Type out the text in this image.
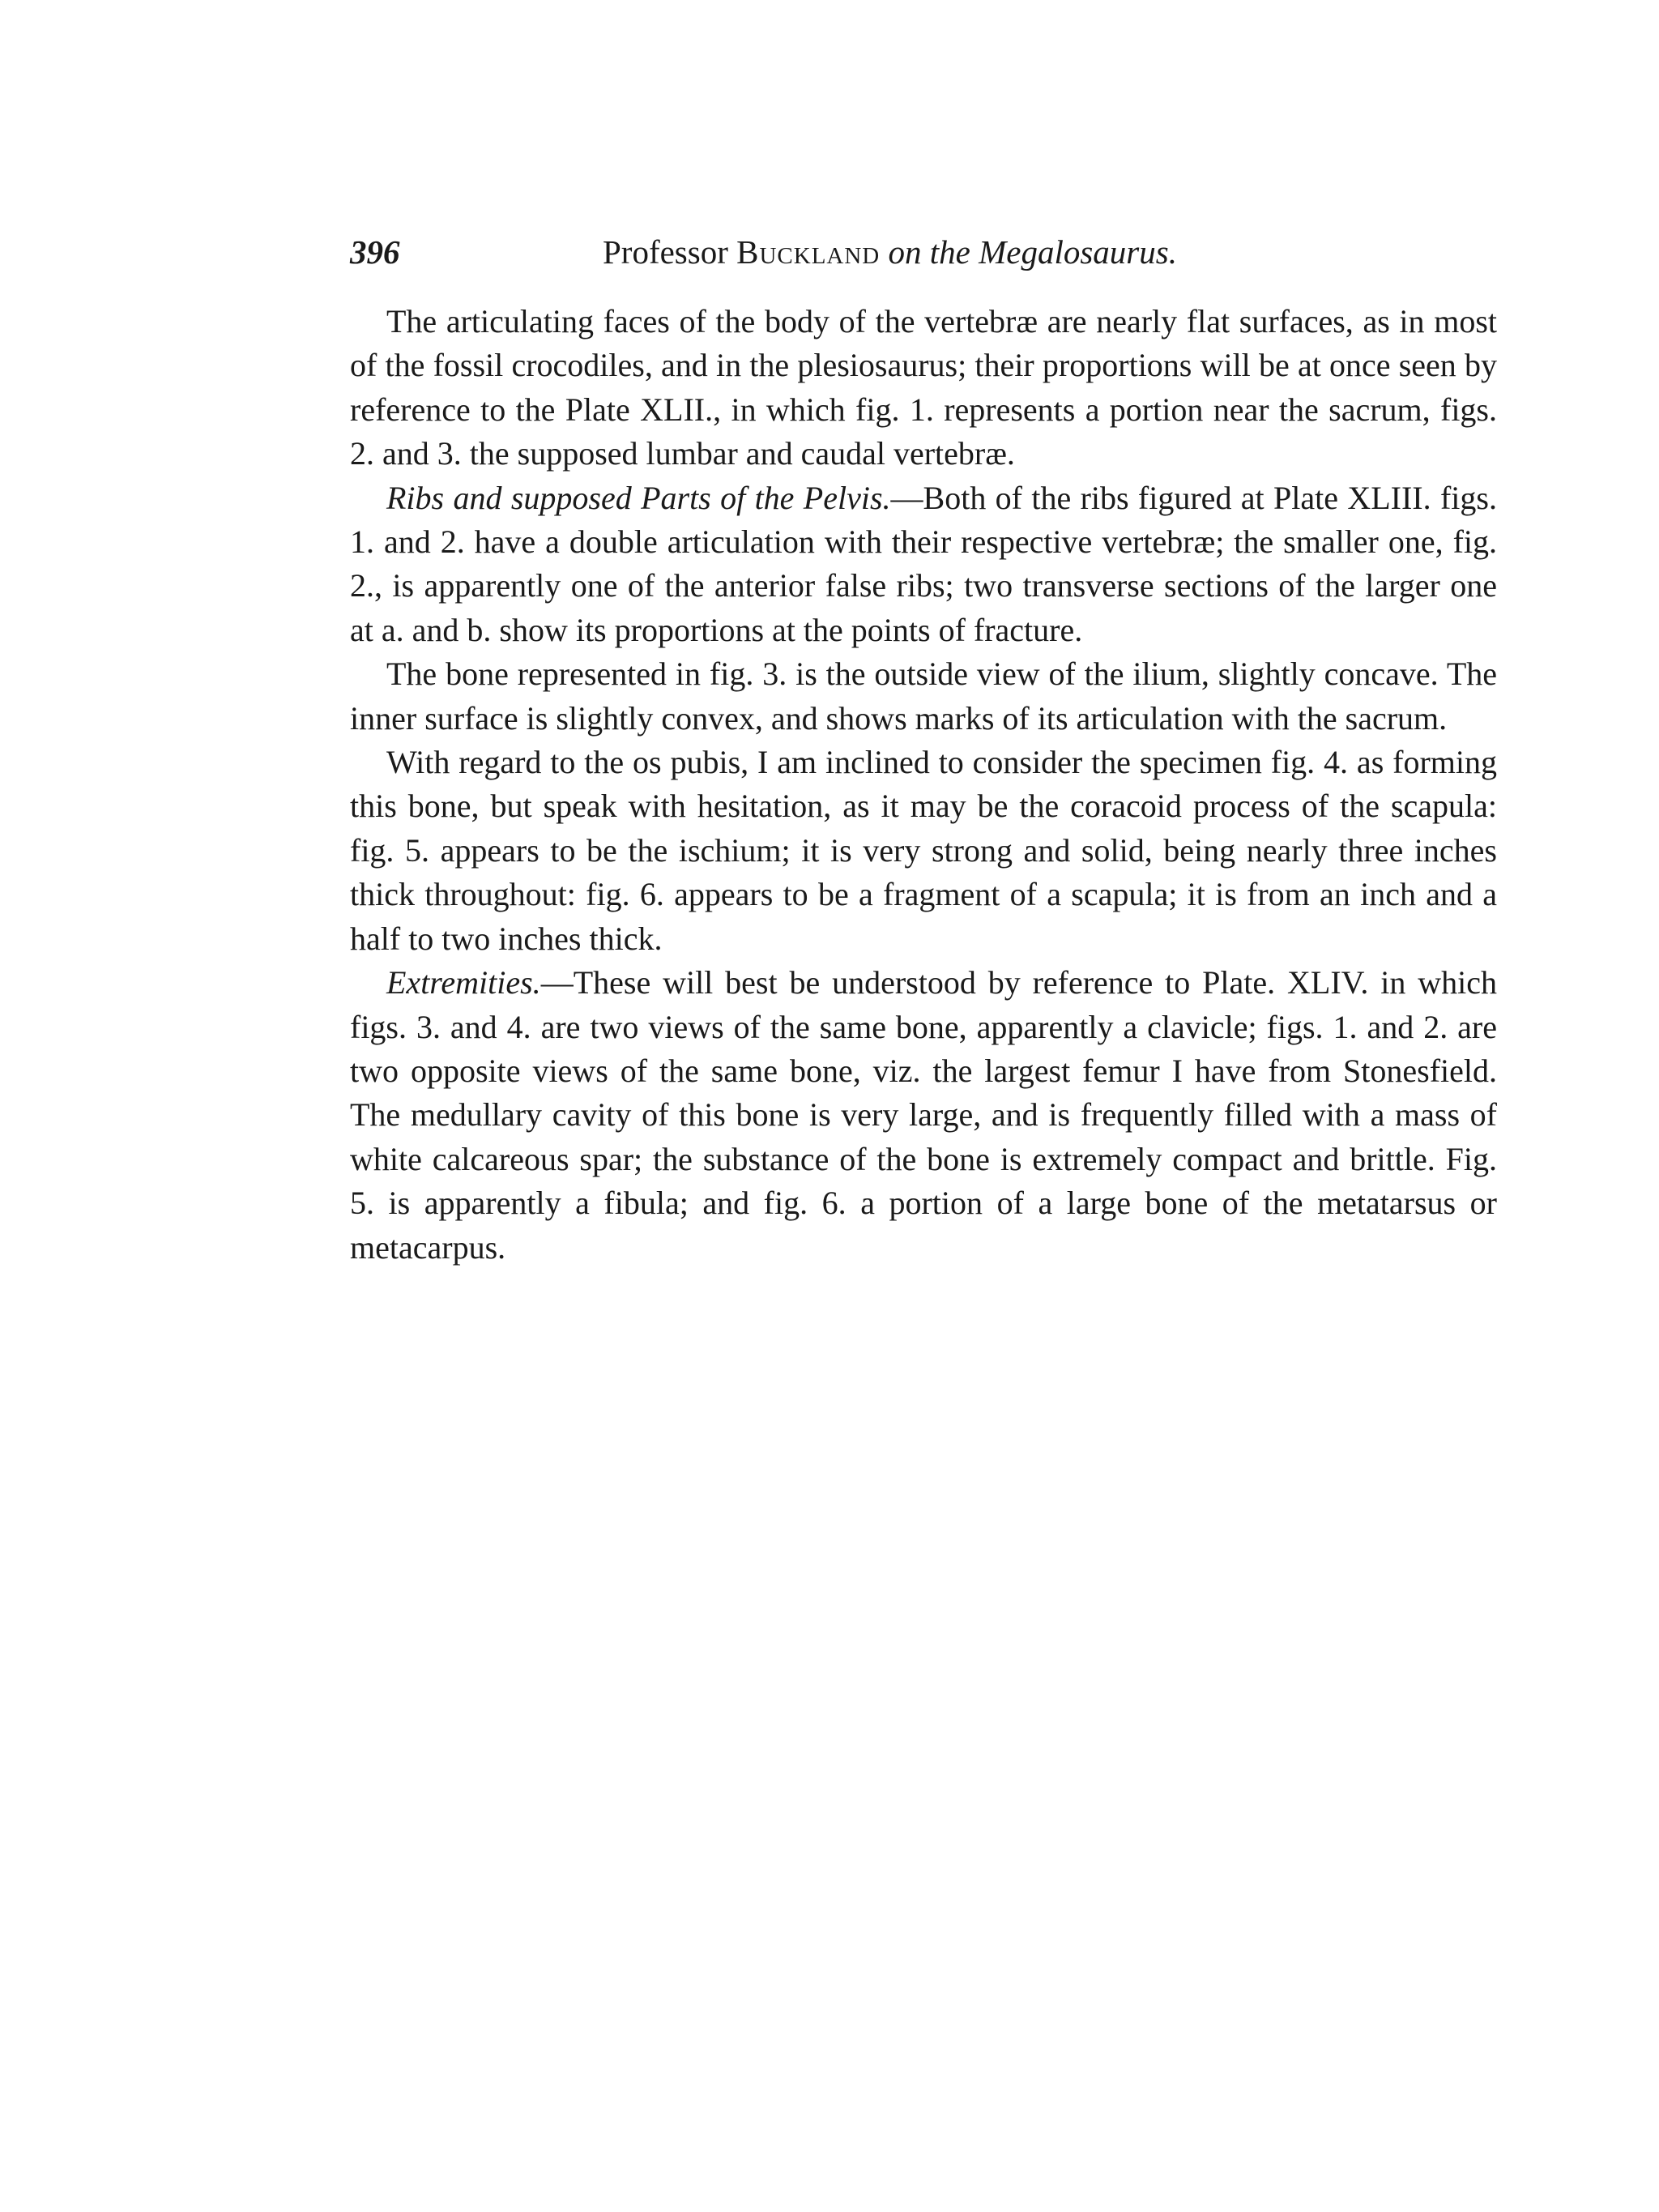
396	Professor Buckland on the Megalosaurus.

The articulating faces of the body of the vertebræ are nearly flat surfaces, as in most of the fossil crocodiles, and in the plesiosaurus; their proportions will be at once seen by reference to the Plate XLII., in which fig. 1. represents a portion near the sacrum, figs. 2. and 3. the supposed lumbar and caudal vertebræ.

Ribs and supposed Parts of the Pelvis.—Both of the ribs figured at Plate XLIII. figs. 1. and 2. have a double articulation with their respective vertebræ; the smaller one, fig. 2., is apparently one of the anterior false ribs; two transverse sections of the larger one at a. and b. show its proportions at the points of fracture.

The bone represented in fig. 3. is the outside view of the ilium, slightly concave. The inner surface is slightly convex, and shows marks of its articulation with the sacrum.

With regard to the os pubis, I am inclined to consider the specimen fig. 4. as forming this bone, but speak with hesitation, as it may be the coracoid process of the scapula: fig. 5. appears to be the ischium; it is very strong and solid, being nearly three inches thick throughout: fig. 6. appears to be a fragment of a scapula; it is from an inch and a half to two inches thick.

Extremities.—These will best be understood by reference to Plate. XLIV. in which figs. 3. and 4. are two views of the same bone, apparently a clavicle; figs. 1. and 2. are two opposite views of the same bone, viz. the largest femur I have from Stonesfield. The medullary cavity of this bone is very large, and is frequently filled with a mass of white calcareous spar; the substance of the bone is extremely compact and brittle. Fig. 5. is apparently a fibula; and fig. 6. a portion of a large bone of the metatarsus or metacarpus.
